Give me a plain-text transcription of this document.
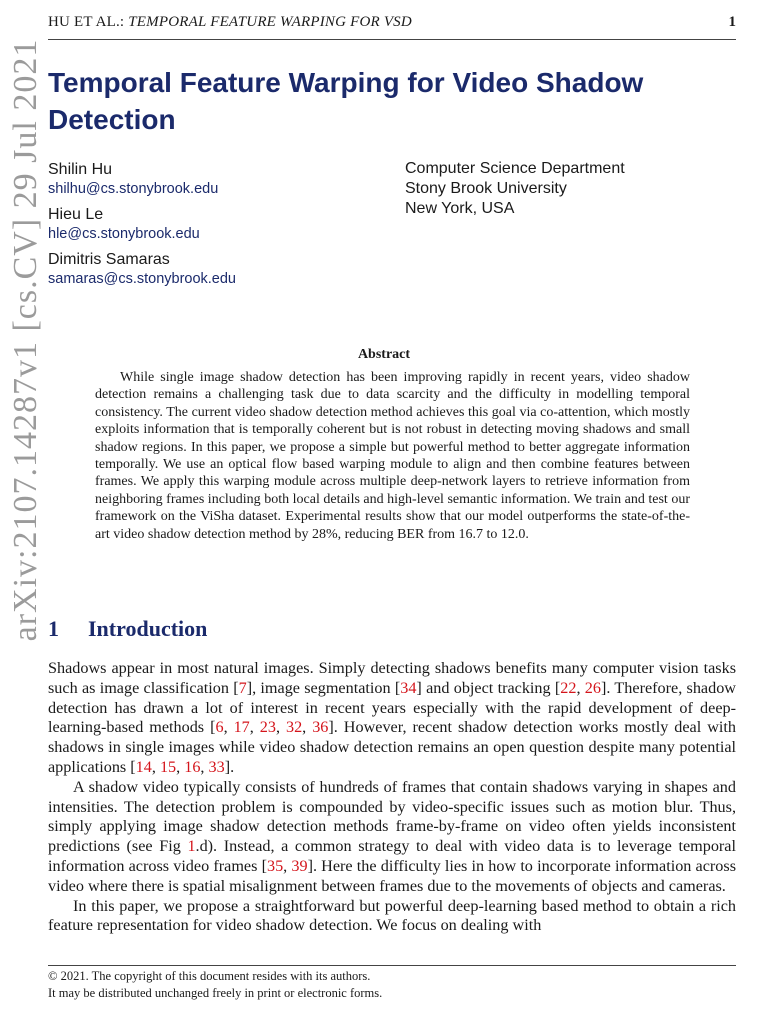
HU ET AL.: TEMPORAL FEATURE WARPING FOR VSD	1
arXiv:2107.14287v1 [cs.CV] 29 Jul 2021 Temporal Feature Warping for Video Shadow Detection
Shilin Hu
shilhu@cs.stonybrook.edu
Hieu Le
hle@cs.stonybrook.edu
Dimitris Samaras
samaras@cs.stonybrook.edu
Computer Science Department
Stony Brook University
New York, USA
Abstract
While single image shadow detection has been improving rapidly in recent years, video shadow detection remains a challenging task due to data scarcity and the difficulty in modelling temporal consistency. The current video shadow detection method achieves this goal via co-attention, which mostly exploits information that is temporally coherent but is not robust in detecting moving shadows and small shadow regions. In this paper, we propose a simple but powerful method to better aggregate information temporally. We use an optical flow based warping module to align and then combine features between frames. We apply this warping module across multiple deep-network layers to retrieve information from neighboring frames including both local details and high-level semantic information. We train and test our framework on the ViSha dataset. Experimental results show that our model outperforms the state-of-the-art video shadow detection method by 28%, reducing BER from 16.7 to 12.0.
1 Introduction

Shadows appear in most natural images. Simply detecting shadows benefits many computer vision tasks such as image classification [7], image segmentation [34] and object tracking [22, 26]. Therefore, shadow detection has drawn a lot of interest in recent years especially with the rapid development of deep-learning-based methods [6, 17, 23, 32, 36]. However, recent shadow detection works mostly deal with shadows in single images while video shadow detection remains an open question despite many potential applications [14, 15, 16, 33].

A shadow video typically consists of hundreds of frames that contain shadows varying in shapes and intensities. The detection problem is compounded by video-specific issues such as motion blur. Thus, simply applying image shadow detection methods frame-by-frame on video often yields inconsistent predictions (see Fig 1.d). Instead, a common strategy to deal with video data is to leverage temporal information across video frames [35, 39]. Here the difficulty lies in how to incorporate information across video where there is spatial misalignment between frames due to the movements of objects and cameras.

In this paper, we propose a straightforward but powerful deep-learning based method to obtain a rich feature representation for video shadow detection. We focus on dealing with

© 2021. The copyright of this document resides with its authors.
It may be distributed unchanged freely in print or electronic forms.
